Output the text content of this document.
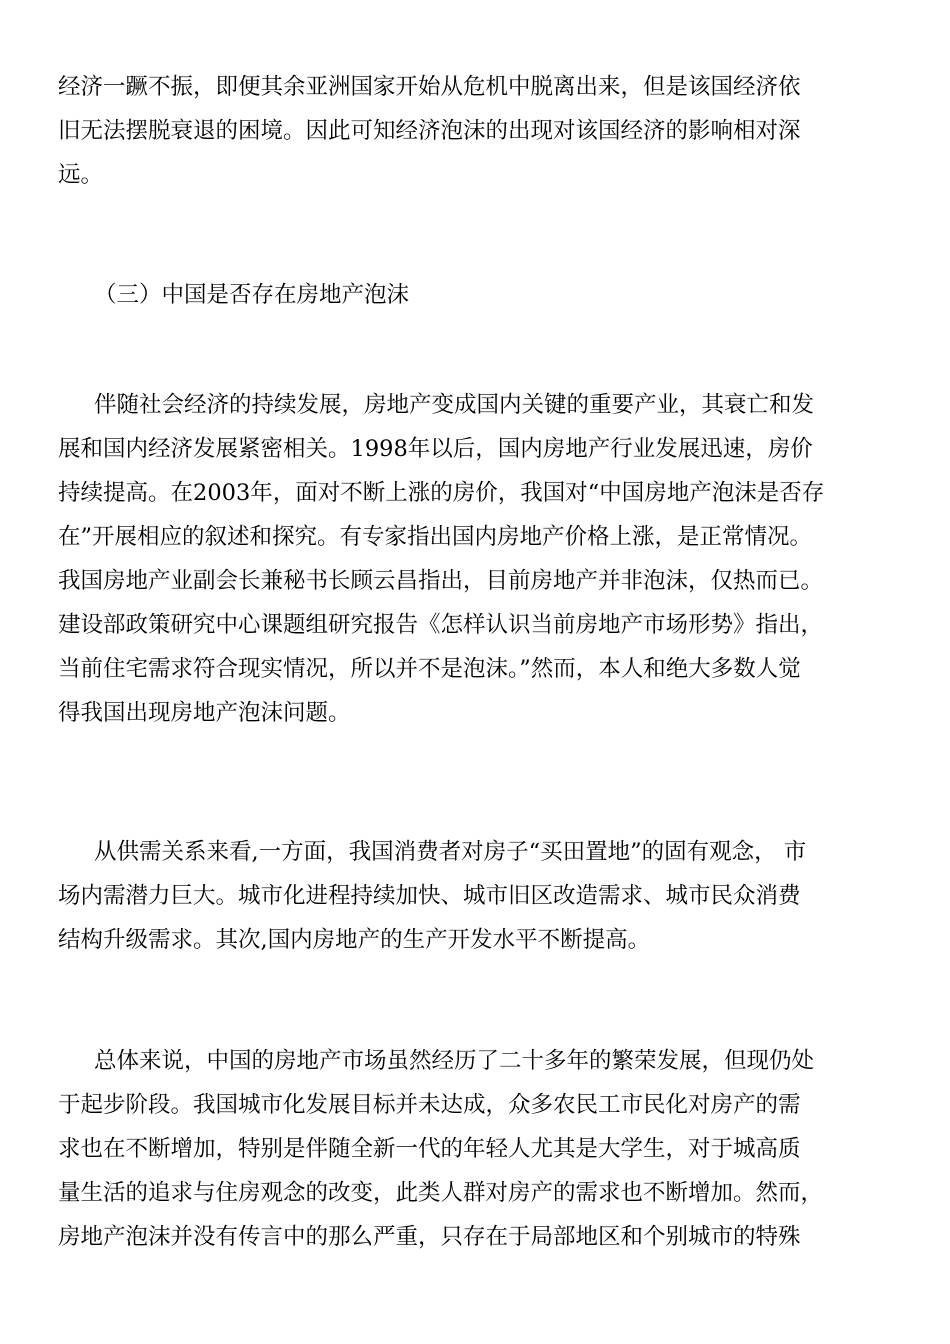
经济一蹶不振，即便其余亚洲国家开始从危机中脱离出来，但是该国经济依
旧无法摆脱衰退的困境。因此可知经济泡沫的出现对该国经济的影响相对深
远。
（三）中国是否存在房地产泡沫
伴随社会经济的持续发展，房地产变成国内关键的重要产业，其衰亡和发
展和国内经济发展紧密相关。1998年以后，国内房地产行业发展迅速，房价
持续提高。在2003年，面对不断上涨的房价，我国对“中国房地产泡沫是否存
在”开展相应的叙述和探究。有专家指出国内房地产价格上涨，是正常情况。
我国房地产业副会长兼秘书长顾云昌指出，目前房地产并非泡沫，仅热而已。
建设部政策研究中心课题组研究报告《怎样认识当前房地产市场形势》指出，
当前住宅需求符合现实情况，所以并不是泡沫。”然而，本人和绝大多数人觉
得我国出现房地产泡沫问题。
从供需关系来看,一方面，我国消费者对房子“买田置地”的固有观念， 市
场内需潜力巨大。城市化进程持续加快、城市旧区改造需求、城市民众消费
结构升级需求。其次,国内房地产的生产开发水平不断提高。
总体来说，中国的房地产市场虽然经历了二十多年的繁荣发展，但现仍处
于起步阶段。我国城市化发展目标并未达成，众多农民工市民化对房产的需
求也在不断增加，特别是伴随全新一代的年轻人尤其是大学生，对于城高质
量生活的追求与住房观念的改变，此类人群对房产的需求也不断增加。然而，
房地产泡沫并没有传言中的那么严重，只存在于局部地区和个别城市的特殊
